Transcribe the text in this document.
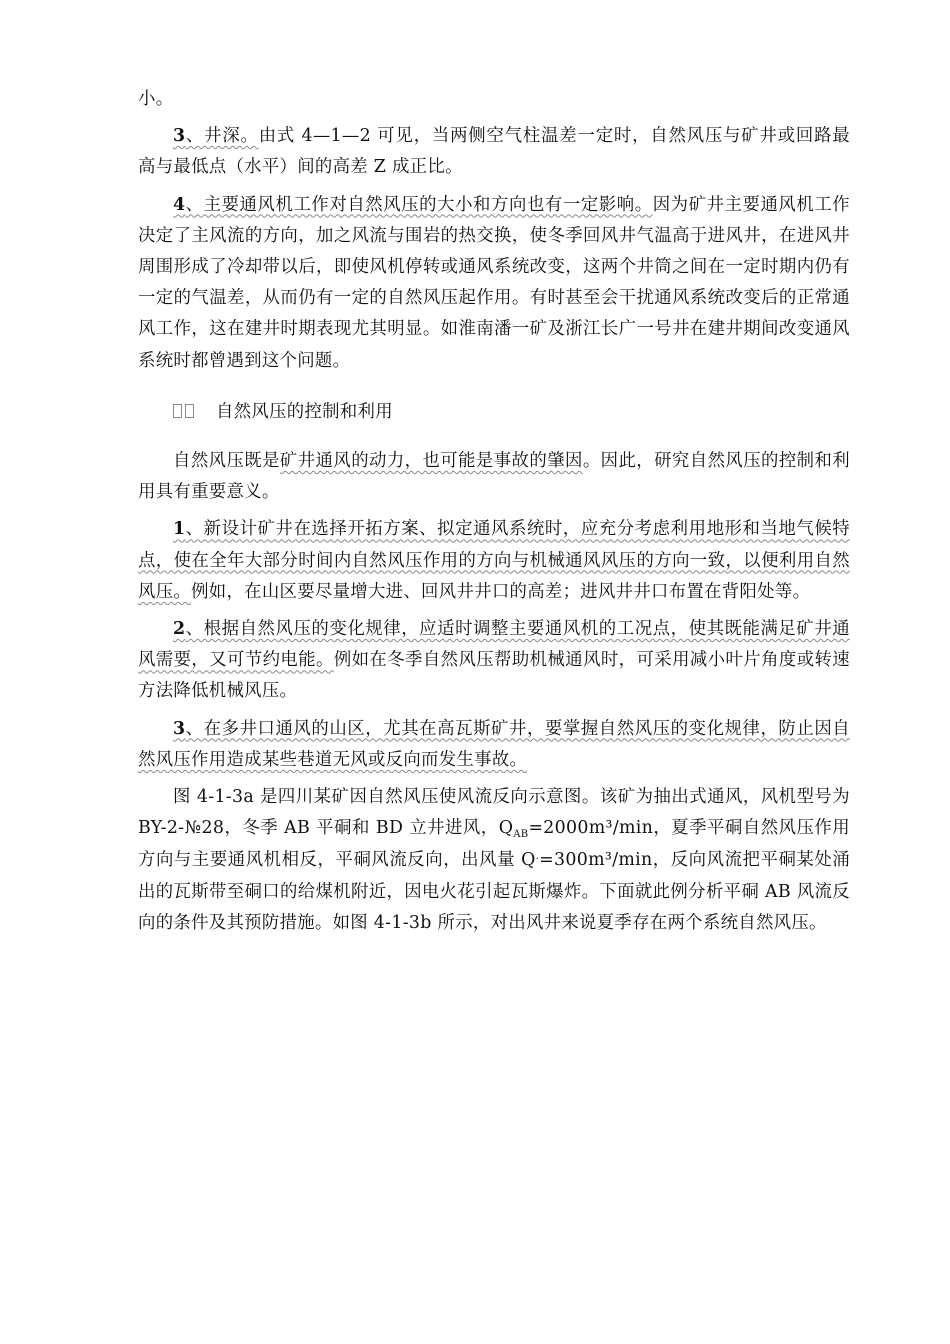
小。

3、井深。由式 4—1—2 可见，当两侧空气柱温差一定时，自然风压与矿井或回路最高与最低点（水平）间的高差 Z 成正比。

4、主要通风机工作对自然风压的大小和方向也有一定影响。因为矿井主要通风机工作决定了主风流的方向，加之风流与围岩的热交换，使冬季回风井气温高于进风井，在进风井周围形成了冷却带以后，即使风机停转或通风系统改变，这两个井筒之间在一定时期内仍有一定的气温差，从而仍有一定的自然风压起作用。有时甚至会干扰通风系统改变后的正常通风工作，这在建井时期表现尤其明显。如淮南潘一矿及浙江长广一号井在建井期间改变通风系统时都曾遇到这个问题。

自然风压的控制和利用

自然风压既是矿井通风的动力，也可能是事故的肇因。因此，研究自然风压的控制和利用具有重要意义。

1、新设计矿井在选择开拓方案、拟定通风系统时，应充分考虑利用地形和当地气候特点，使在全年大部分时间内自然风压作用的方向与机械通风风压的方向一致，以便利用自然风压。例如，在山区要尽量增大进、回风井井口的高差；进风井井口布置在背阳处等。

2、根据自然风压的变化规律，应适时调整主要通风机的工况点，使其既能满足矿井通风需要，又可节约电能。例如在冬季自然风压帮助机械通风时，可采用减小叶片角度或转速方法降低机械风压。

3、在多井口通风的山区，尤其在高瓦斯矿井，要掌握自然风压的变化规律，防止因自然风压作用造成某些巷道无风或反向而发生事故。

图 4-1-3a 是四川某矿因自然风压使风流反向示意图。该矿为抽出式通风，风机型号为 BY-2-№28，冬季 AB 平硐和 BD 立井进风，$Q_{AB}=2000m^3/\min$，夏季平硐自然风压作用方向与主要通风机相反，平硐风流反向，出风量 Q·=300m³/min，反向风流把平硐某处涌出的瓦斯带至硐口的给煤机附近，因电火花引起瓦斯爆炸。下面就此例分析平硐 AB 风流反向的条件及其预防措施。如图 4-1-3b 所示，对出风井来说夏季存在两个系统自然风压。
